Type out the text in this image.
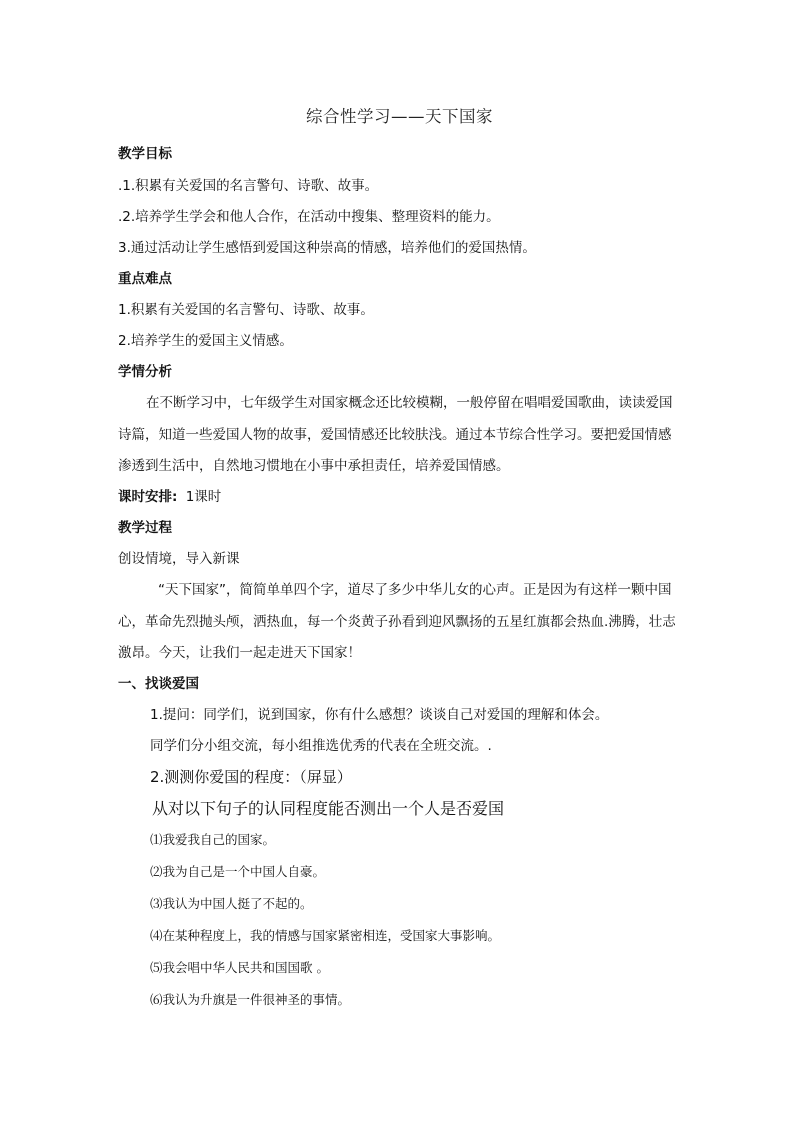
综合性学习——天下国家
教学目标
.1.积累有关爱国的名言警句、诗歌、故事。
.2.培养学生学会和他人合作，在活动中搜集、整理资料的能力。
3.通过活动让学生感悟到爱国这种崇高的情感，培养他们的爱国热情。
重点难点
1.积累有关爱国的名言警句、诗歌、故事。
2.培养学生的爱国主义情感。
学情分析
在不断学习中，七年级学生对国家概念还比较模糊，一般停留在唱唱爱国歌曲，读读爱国
诗篇，知道一些爱国人物的故事，爱国情感还比较肤浅。通过本节综合性学习。要把爱国情感
渗透到生活中，自然地习惯地在小事中承担责任，培养爱国情感。
课时安排: 1课时
教学过程
创设情境，导入新课
“天下国家”，简简单单四个字，道尽了多少中华儿女的心声。正是因为有这样一颗中国
心，革命先烈抛头颅，洒热血，每一个炎黄子孙看到迎风飘扬的五星红旗都会热血.沸腾，壮志
激昂。今天，让我们一起走进天下国家！
一、找谈爱国
1.提问：同学们，说到国家，你有什么感想？谈谈自己对爱国的理解和体会。
同学们分小组交流，每小组推选优秀的代表在全班交流。.
2.测测你爱国的程度：（屏显）
从对以下句子的认同程度能否测出一个人是否爱国
⑴我爱我自己的国家。
⑵我为自己是一个中国人自豪。
⑶我认为中国人挺了不起的。
⑷在某种程度上，我的情感与国家紧密相连，受国家大事影响。
⑸我会唱中华人民共和国国歌 。
⑹我认为升旗是一件很神圣的事情。
